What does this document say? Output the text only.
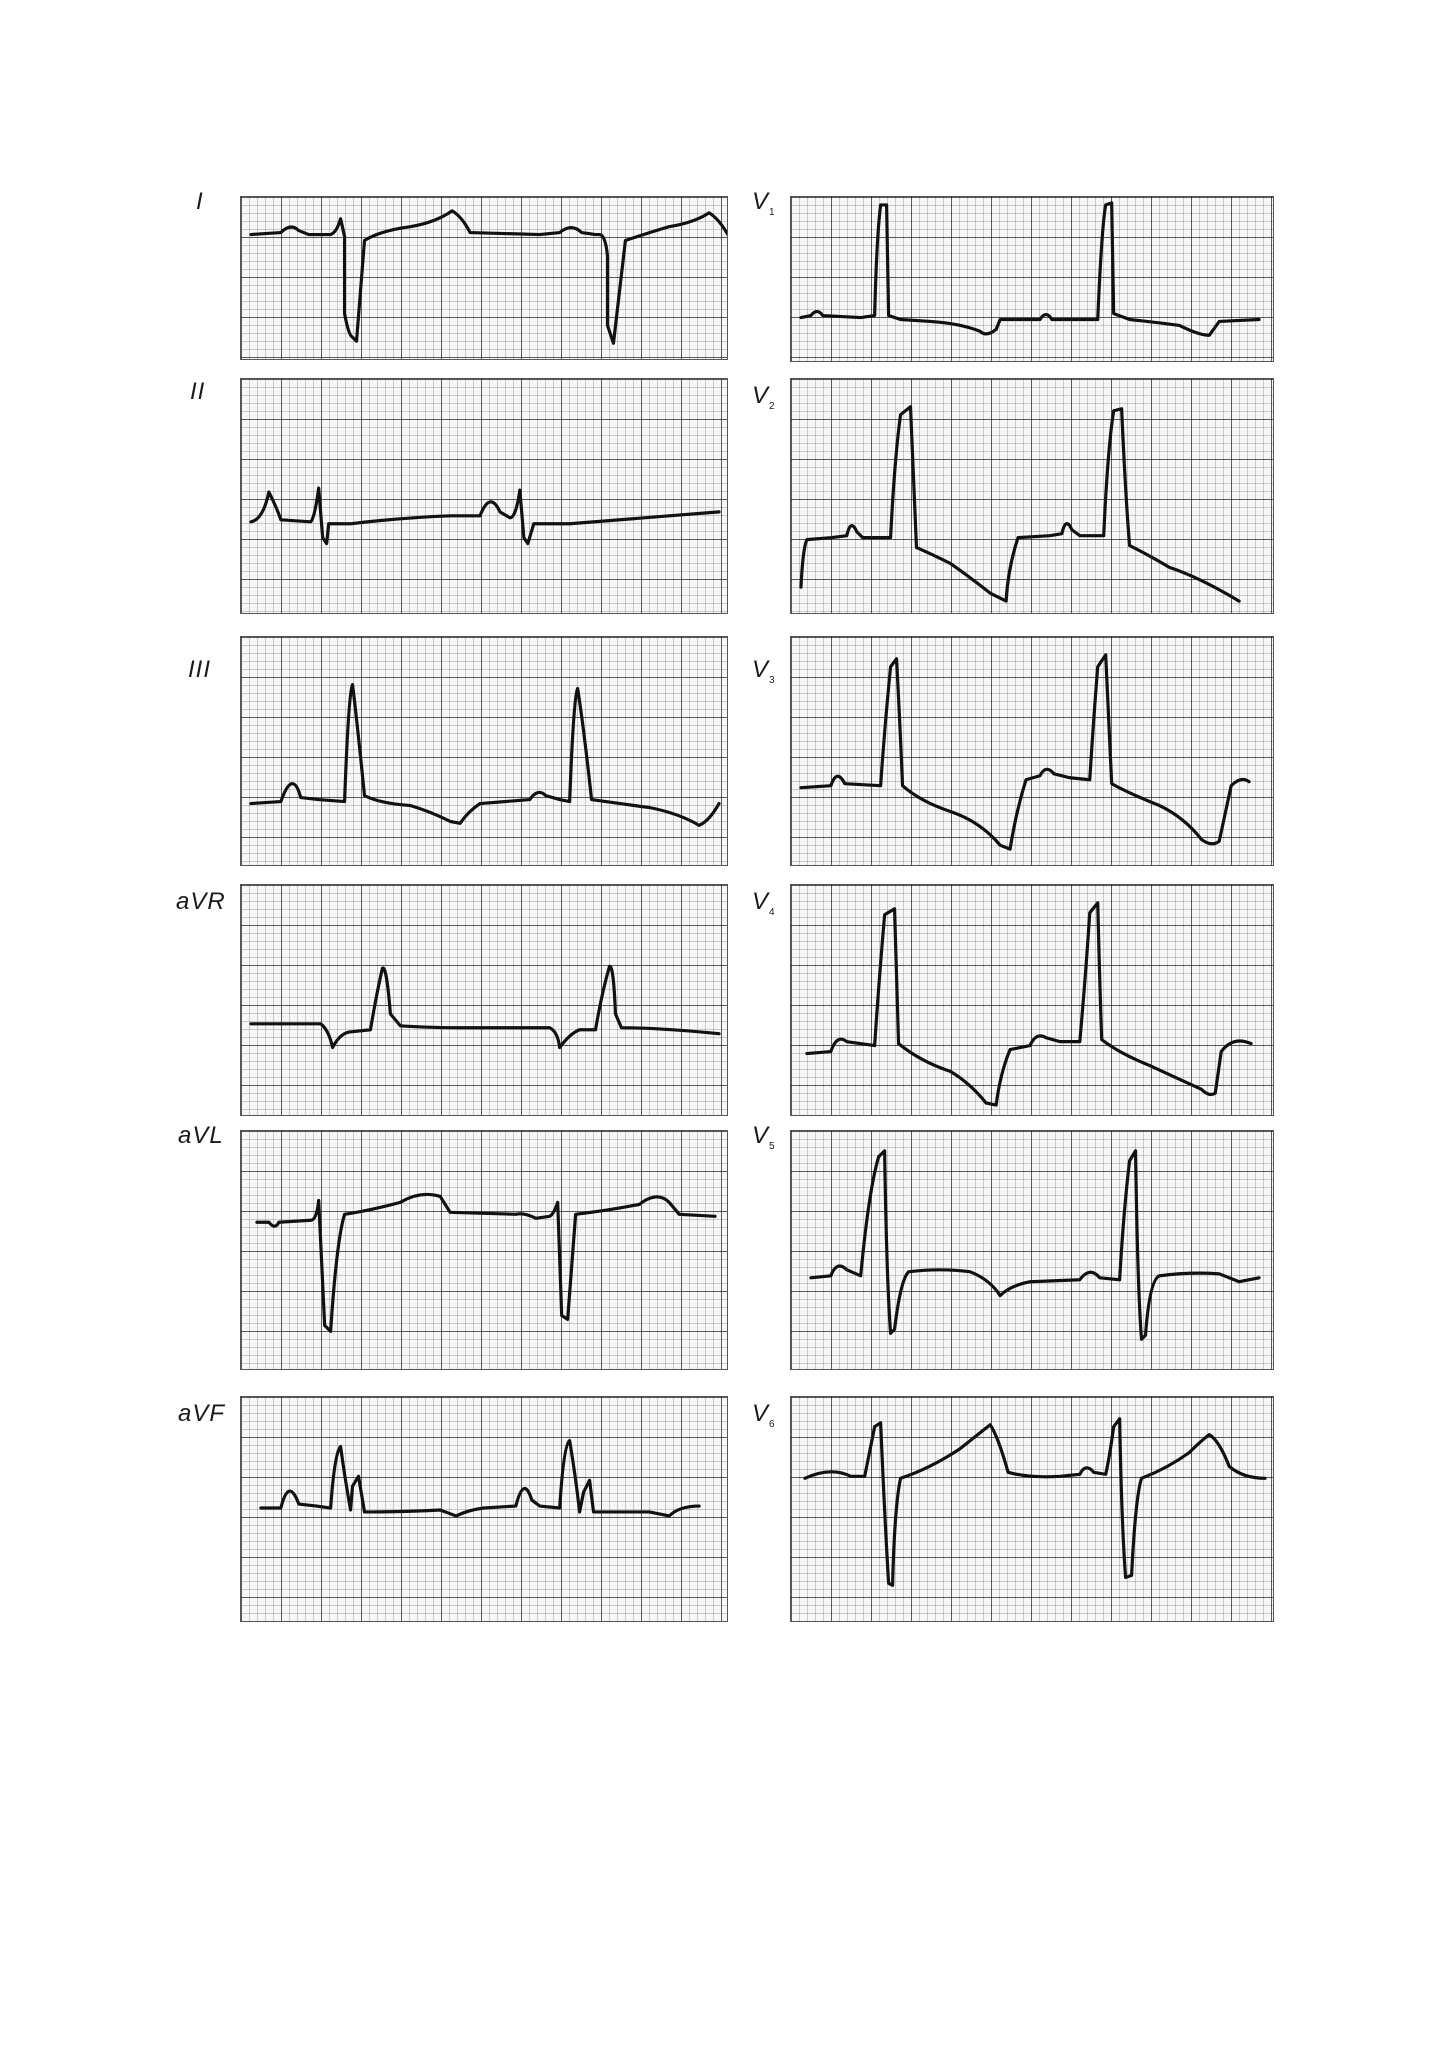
I
II
III
aVR
aVL
aVF
$V_1$
$V_2$
$V_3$
$V_4$
$V_5$
$V_6$
